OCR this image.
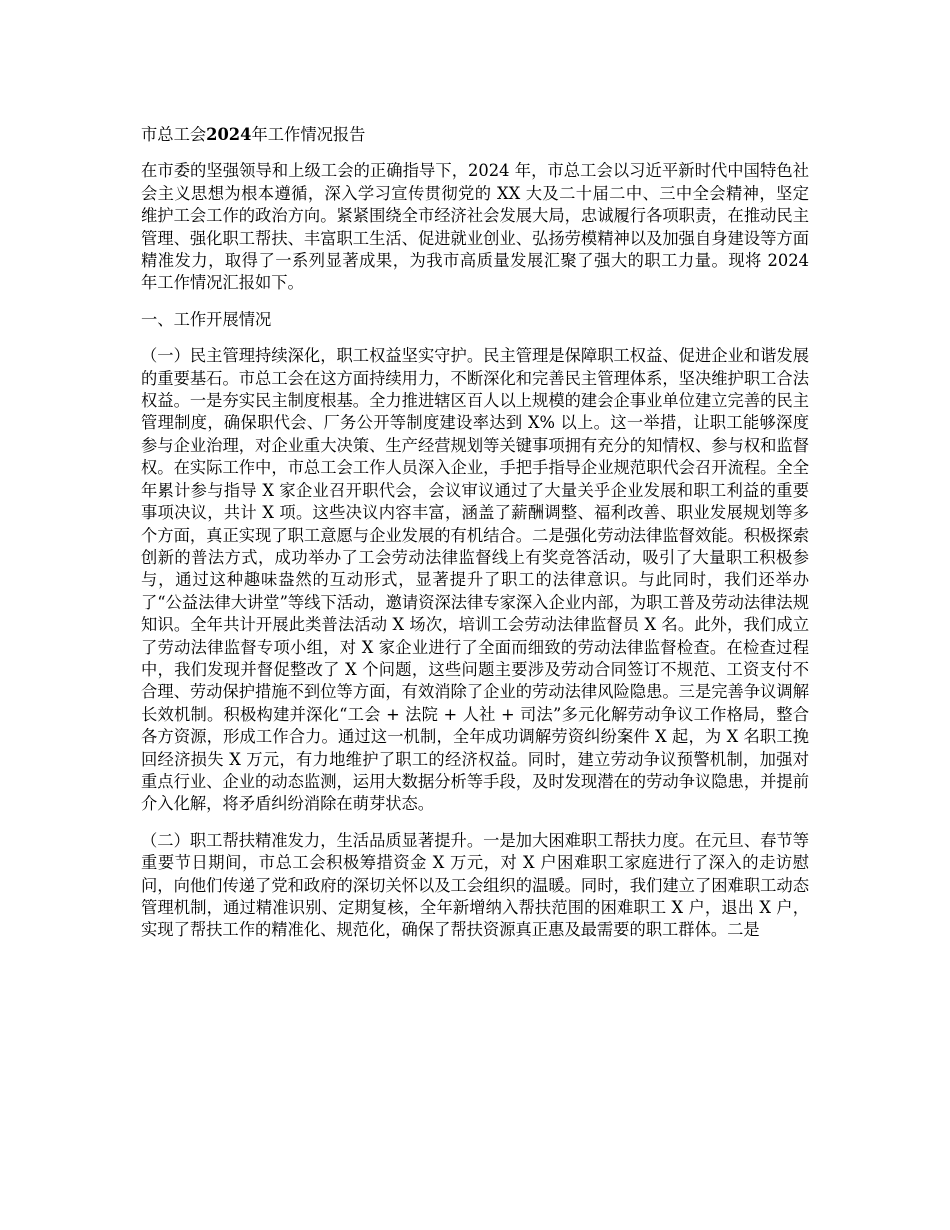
市总工会2024年工作情况报告

在市委的坚强领导和上级工会的正确指导下，2024 年，市总工会以习近平新时代中国特色社会主义思想为根本遵循，深入学习宣传贯彻党的 XX 大及二十届二中、三中全会精神，坚定维护工会工作的政治方向。紧紧围绕全市经济社会发展大局，忠诚履行各项职责，在推动民主管理、强化职工帮扶、丰富职工生活、促进就业创业、弘扬劳模精神以及加强自身建设等方面精准发力，取得了一系列显著成果，为我市高质量发展汇聚了强大的职工力量。现将 2024 年工作情况汇报如下。

一、工作开展情况

（一）民主管理持续深化，职工权益坚实守护。民主管理是保障职工权益、促进企业和谐发展的重要基石。市总工会在这方面持续用力，不断深化和完善民主管理体系，坚决维护职工合法权益。一是夯实民主制度根基。全力推进辖区百人以上规模的建会企事业单位建立完善的民主管理制度，确保职代会、厂务公开等制度建设率达到 X% 以上。这一举措，让职工能够深度参与企业治理，对企业重大决策、生产经营规划等关键事项拥有充分的知情权、参与权和监督权。在实际工作中，市总工会工作人员深入企业，手把手指导企业规范职代会召开流程。全全年累计参与指导 X 家企业召开职代会，会议审议通过了大量关乎企业发展和职工利益的重要事项决议，共计 X 项。这些决议内容丰富，涵盖了薪酬调整、福利改善、职业发展规划等多个方面，真正实现了职工意愿与企业发展的有机结合。二是强化劳动法律监督效能。积极探索创新的普法方式，成功举办了工会劳动法律监督线上有奖竞答活动，吸引了大量职工积极参与，通过这种趣味盎然的互动形式，显著提升了职工的法律意识。与此同时，我们还举办了“公益法律大讲堂”等线下活动，邀请资深法律专家深入企业内部，为职工普及劳动法律法规知识。全年共计开展此类普法活动 X 场次，培训工会劳动法律监督员 X 名。此外，我们成立了劳动法律监督专项小组，对 X 家企业进行了全面而细致的劳动法律监督检查。在检查过程中，我们发现并督促整改了 X 个问题，这些问题主要涉及劳动合同签订不规范、工资支付不合理、劳动保护措施不到位等方面，有效消除了企业的劳动法律风险隐患。三是完善争议调解长效机制。积极构建并深化“工会 + 法院 + 人社 + 司法”多元化解劳动争议工作格局，整合各方资源，形成工作合力。通过这一机制，全年成功调解劳资纠纷案件 X 起，为 X 名职工挽回经济损失 X 万元，有力地维护了职工的经济权益。同时，建立劳动争议预警机制，加强对重点行业、企业的动态监测，运用大数据分析等手段，及时发现潜在的劳动争议隐患，并提前介入化解，将矛盾纠纷消除在萌芽状态。

（二）职工帮扶精准发力，生活品质显著提升。一是加大困难职工帮扶力度。在元旦、春节等重要节日期间，市总工会积极筹措资金 X 万元，对 X 户困难职工家庭进行了深入的走访慰问，向他们传递了党和政府的深切关怀以及工会组织的温暖。同时，我们建立了困难职工动态管理机制，通过精准识别、定期复核，全年新增纳入帮扶范围的困难职工 X 户，退出 X 户，实现了帮扶工作的精准化、规范化，确保了帮扶资源真正惠及最需要的职工群体。二是
